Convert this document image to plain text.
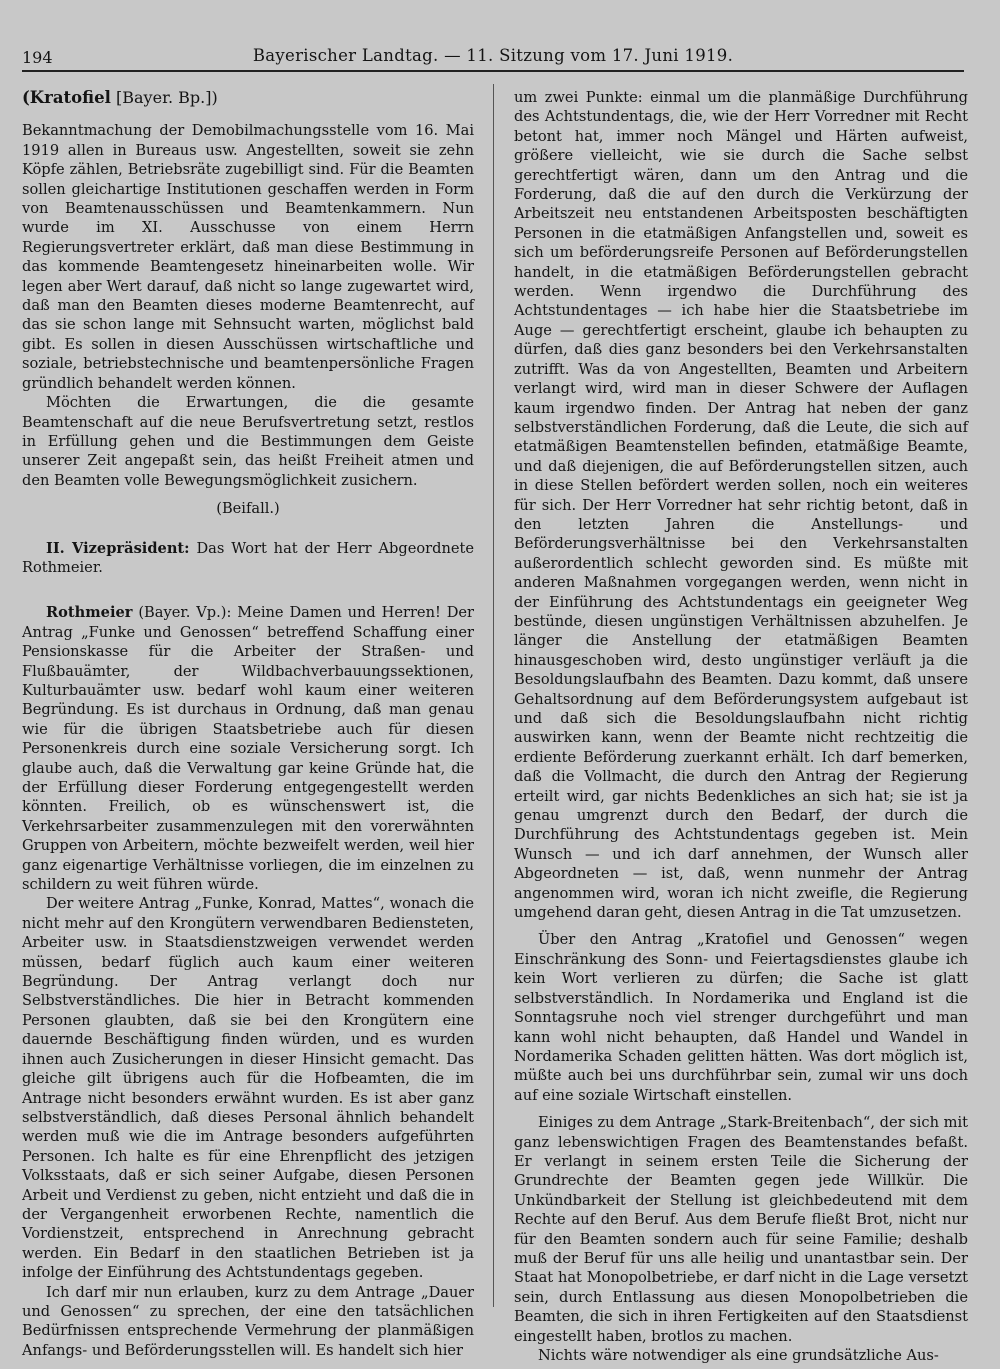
194	Bayerischer Landtag. — 11. Sitzung vom 17. Juni 1919.

(Kratofiel [Bayer. Bp.])

Bekanntmachung der Demobilmachungsstelle vom 16. Mai 1919 allen in Bureaus usw. Angestellten, soweit sie zehn Köpfe zählen, Betriebsräte zugebilligt sind. Für die Beamten sollen gleichartige Institutionen geschaffen werden in Form von Beamtenausschüssen und Beamtenkammern. Nun wurde im XI. Ausschusse von einem Herrn Regierungsvertreter erklärt, daß man diese Bestimmung in das kommende Beamtengesetz hineinarbeiten wolle. Wir legen aber Wert darauf, daß nicht so lange zugewartet wird, daß man den Beamten dieses moderne Beamtenrecht, auf das sie schon lange mit Sehnsucht warten, möglichst bald gibt. Es sollen in diesen Ausschüssen wirtschaftliche und soziale, betriebstechnische und beamtenpersönliche Fragen gründlich behandelt werden können.

Möchten die Erwartungen, die die gesamte Beamtenschaft auf die neue Berufsvertretung setzt, restlos in Erfüllung gehen und die Bestimmungen dem Geiste unserer Zeit angepaßt sein, das heißt Freiheit atmen und den Beamten volle Bewegungsmöglichkeit zusichern.

(Beifall.)

II. Vizepräsident: Das Wort hat der Herr Abgeordnete Rothmeier.

Rothmeier (Bayer. Vp.): Meine Damen und Herren! Der Antrag „Funke und Genossen“ betreffend Schaffung einer Pensionskasse für die Arbeiter der Straßen- und Flußbauämter, der Wildbachverbauungssektionen, Kulturbauämter usw. bedarf wohl kaum einer weiteren Begründung. Es ist durchaus in Ordnung, daß man genau wie für die übrigen Staatsbetriebe auch für diesen Personenkreis durch eine soziale Versicherung sorgt. Ich glaube auch, daß die Verwaltung gar keine Gründe hat, die der Erfüllung dieser Forderung entgegengestellt werden könnten. Freilich, ob es wünschenswert ist, die Verkehrsarbeiter zusammenzulegen mit den vorerwähnten Gruppen von Arbeitern, möchte bezweifelt werden, weil hier ganz eigenartige Verhältnisse vorliegen, die im einzelnen zu schildern zu weit führen würde.

Der weitere Antrag „Funke, Konrad, Mattes“, wonach die nicht mehr auf den Krongütern verwendbaren Bediensteten, Arbeiter usw. in Staatsdienstzweigen verwendet werden müssen, bedarf füglich auch kaum einer weiteren Begründung. Der Antrag verlangt doch nur Selbstverständliches. Die hier in Betracht kommenden Personen glaubten, daß sie bei den Krongütern eine dauernde Beschäftigung finden würden, und es wurden ihnen auch Zusicherungen in dieser Hinsicht gemacht. Das gleiche gilt übrigens auch für die Hofbeamten, die im Antrage nicht besonders erwähnt wurden. Es ist aber ganz selbstverständlich, daß dieses Personal ähnlich behandelt werden muß wie die im Antrage besonders aufgeführten Personen. Ich halte es für eine Ehrenpflicht des jetzigen Volksstaats, daß er sich seiner Aufgabe, diesen Personen Arbeit und Verdienst zu geben, nicht entzieht und daß die in der Vergangenheit erworbenen Rechte, namentlich die Vordienstzeit, entsprechend in Anrechnung gebracht werden. Ein Bedarf in den staatlichen Betrieben ist ja infolge der Einführung des Achtstundentags gegeben.

Ich darf mir nun erlauben, kurz zu dem Antrage „Dauer und Genossen“ zu sprechen, der eine den tatsächlichen Bedürfnissen entsprechende Vermehrung der planmäßigen Anfangs- und Beförderungsstellen will. Es handelt sich hier

um zwei Punkte: einmal um die planmäßige Durchführung des Achtstundentags, die, wie der Herr Vorredner mit Recht betont hat, immer noch Mängel und Härten aufweist, größere vielleicht, wie sie durch die Sache selbst gerechtfertigt wären, dann um den Antrag und die Forderung, daß die auf den durch die Verkürzung der Arbeitszeit neu entstandenen Arbeitsposten beschäftigten Personen in die etatmäßigen Anfangstellen und, soweit es sich um beförderungsreife Personen auf Beförderungstellen handelt, in die etatmäßigen Beförderungstellen gebracht werden. Wenn irgendwo die Durchführung des Achtstundentages — ich habe hier die Staatsbetriebe im Auge — gerechtfertigt erscheint, glaube ich behaupten zu dürfen, daß dies ganz besonders bei den Verkehrsanstalten zutrifft. Was da von Angestellten, Beamten und Arbeitern verlangt wird, wird man in dieser Schwere der Auflagen kaum irgendwo finden. Der Antrag hat neben der ganz selbstverständlichen Forderung, daß die Leute, die sich auf etatmäßigen Beamtenstellen befinden, etatmäßige Beamte, und daß diejenigen, die auf Beförderungstellen sitzen, auch in diese Stellen befördert werden sollen, noch ein weiteres für sich. Der Herr Vorredner hat sehr richtig betont, daß in den letzten Jahren die Anstellungs- und Beförderungsverhältnisse bei den Verkehrsanstalten außerordentlich schlecht geworden sind. Es müßte mit anderen Maßnahmen vorgegangen werden, wenn nicht in der Einführung des Achtstundentags ein geeigneter Weg bestünde, diesen ungünstigen Verhältnissen abzuhelfen. Je länger die Anstellung der etatmäßigen Beamten hinausgeschoben wird, desto ungünstiger verläuft ja die Besoldungslaufbahn des Beamten. Dazu kommt, daß unsere Gehaltsordnung auf dem Beförderungsystem aufgebaut ist und daß sich die Besoldungslaufbahn nicht richtig auswirken kann, wenn der Beamte nicht rechtzeitig die erdiente Beförderung zuerkannt erhält. Ich darf bemerken, daß die Vollmacht, die durch den Antrag der Regierung erteilt wird, gar nichts Bedenkliches an sich hat; sie ist ja genau umgrenzt durch den Bedarf, der durch die Durchführung des Achtstundentags gegeben ist. Mein Wunsch — und ich darf annehmen, der Wunsch aller Abgeordneten — ist, daß, wenn nunmehr der Antrag angenommen wird, woran ich nicht zweifle, die Regierung umgehend daran geht, diesen Antrag in die Tat umzusetzen.

Über den Antrag „Kratofiel und Genossen“ wegen Einschränkung des Sonn- und Feiertagsdienstes glaube ich kein Wort verlieren zu dürfen; die Sache ist glatt selbstverständlich. In Nordamerika und England ist die Sonntagsruhe noch viel strenger durchgeführt und man kann wohl nicht behaupten, daß Handel und Wandel in Nordamerika Schaden gelitten hätten. Was dort möglich ist, müßte auch bei uns durchführbar sein, zumal wir uns doch auf eine soziale Wirtschaft einstellen.

Einiges zu dem Antrage „Stark-Breitenbach“, der sich mit ganz lebenswichtigen Fragen des Beamtenstandes befaßt. Er verlangt in seinem ersten Teile die Sicherung der Grundrechte der Beamten gegen jede Willkür. Die Unkündbarkeit der Stellung ist gleichbedeutend mit dem Rechte auf den Beruf. Aus dem Berufe fließt Brot, nicht nur für den Beamten sondern auch für seine Familie; deshalb muß der Beruf für uns alle heilig und unantastbar sein. Der Staat hat Monopolbetriebe, er darf nicht in die Lage versetzt sein, durch Entlassung aus diesen Monopolbetrieben die Beamten, die sich in ihren Fertigkeiten auf den Staatsdienst eingestellt haben, brotlos zu machen.

Nichts wäre notwendiger als eine grundsätzliche Aus-
